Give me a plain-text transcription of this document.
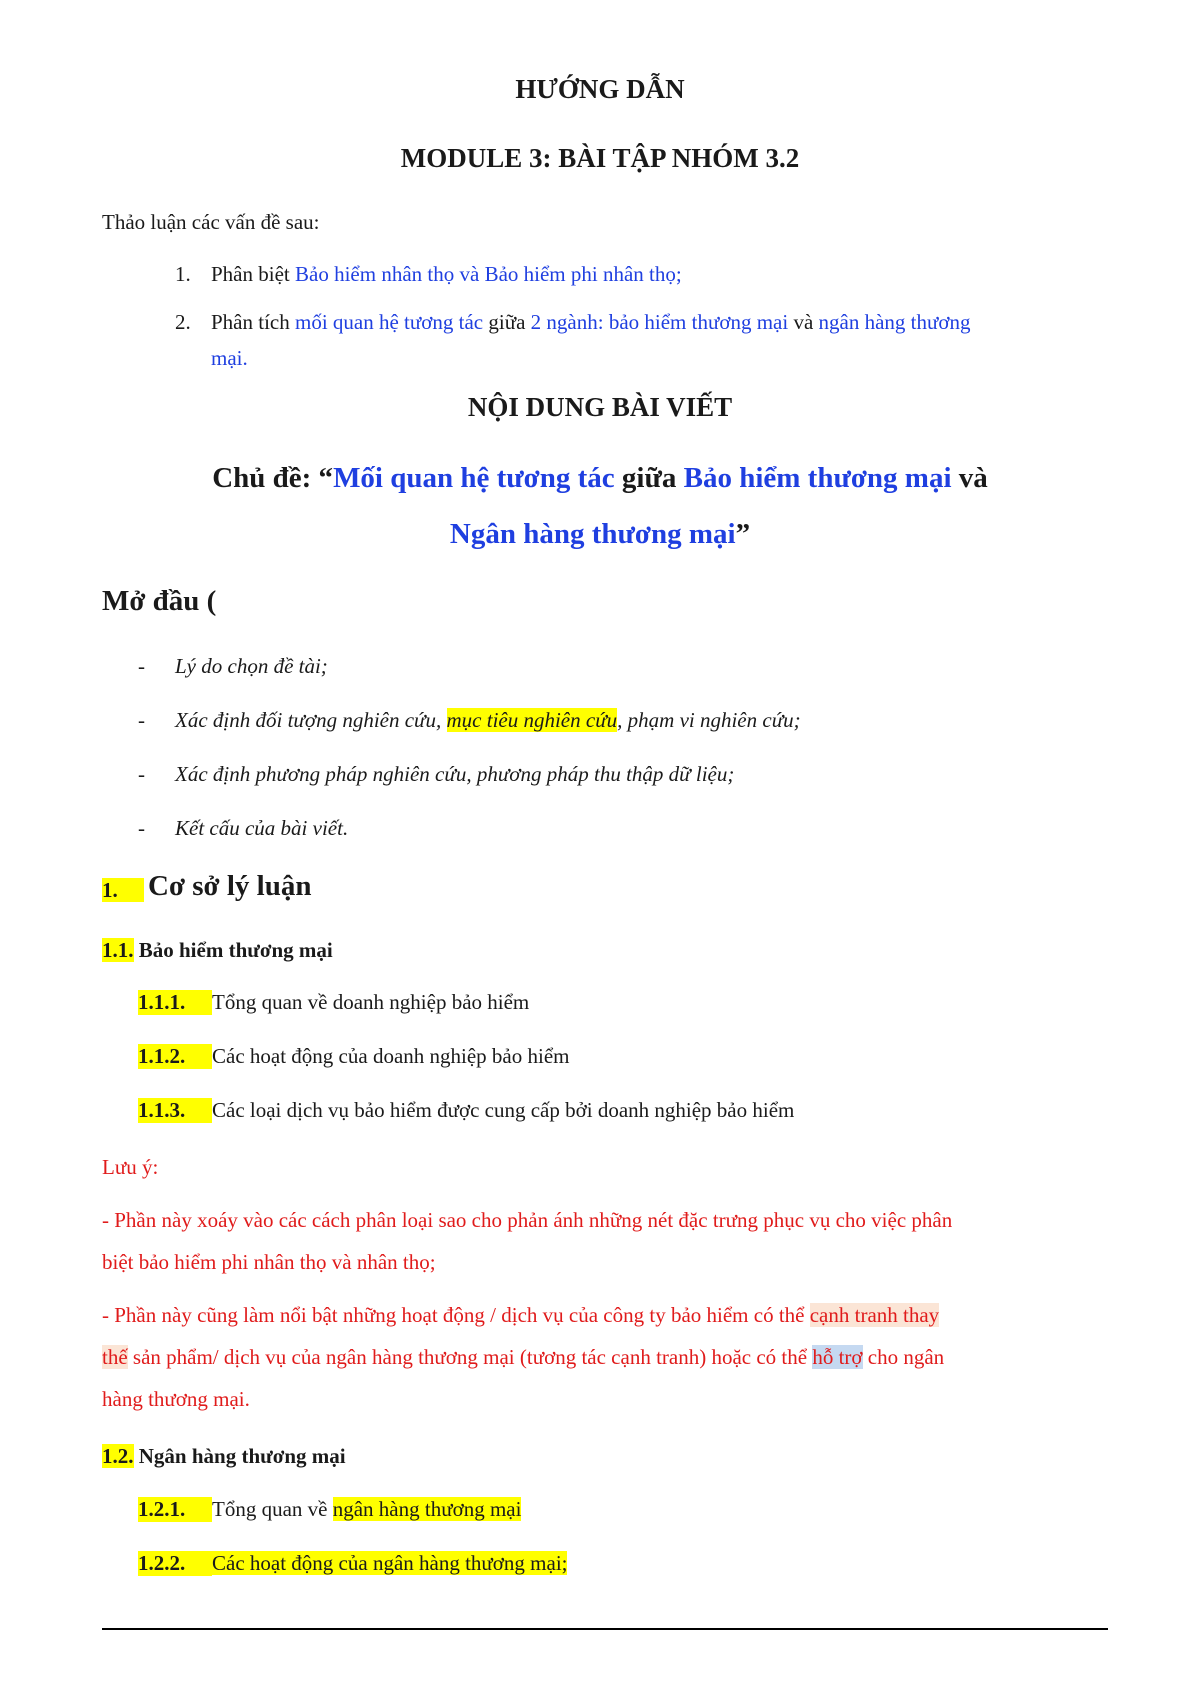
HƯỚNG DẪN
MODULE 3: BÀI TẬP NHÓM 3.2
Thảo luận các vấn đề sau:
1. Phân biệt Bảo hiểm nhân thọ và Bảo hiểm phi nhân thọ;
2. Phân tích mối quan hệ tương tác giữa 2 ngành: bảo hiểm thương mại và ngân hàng thương
mại.
NỘI DUNG BÀI VIẾT
Chủ đề: “Mối quan hệ tương tác giữa Bảo hiểm thương mại và
Ngân hàng thương mại”
Mở đầu (
- Lý do chọn đề tài;
- Xác định đối tượng nghiên cứu, mục tiêu nghiên cứu, phạm vi nghiên cứu;
- Xác định phương pháp nghiên cứu, phương pháp thu thập dữ liệu;
- Kết cấu của bài viết.
1.	Cơ sở lý luận
1.1. Bảo hiểm thương mại
1.1.1. Tổng quan về doanh nghiệp bảo hiểm
1.1.2. Các hoạt động của doanh nghiệp bảo hiểm
1.1.3. Các loại dịch vụ bảo hiểm được cung cấp bởi doanh nghiệp bảo hiểm
Lưu ý:
- Phần này xoáy vào các cách phân loại sao cho phản ánh những nét đặc trưng phục vụ cho việc phân
biệt bảo hiểm phi nhân thọ và nhân thọ;
- Phần này cũng làm nổi bật những hoạt động / dịch vụ của công ty bảo hiểm có thể cạnh tranh thay
thế sản phẩm/ dịch vụ của ngân hàng thương mại (tương tác cạnh tranh) hoặc có thể hỗ trợ cho ngân
hàng thương mại.
1.2. Ngân hàng thương mại
1.2.1. Tổng quan về ngân hàng thương mại
1.2.2. Các hoạt động của ngân hàng thương mại;
